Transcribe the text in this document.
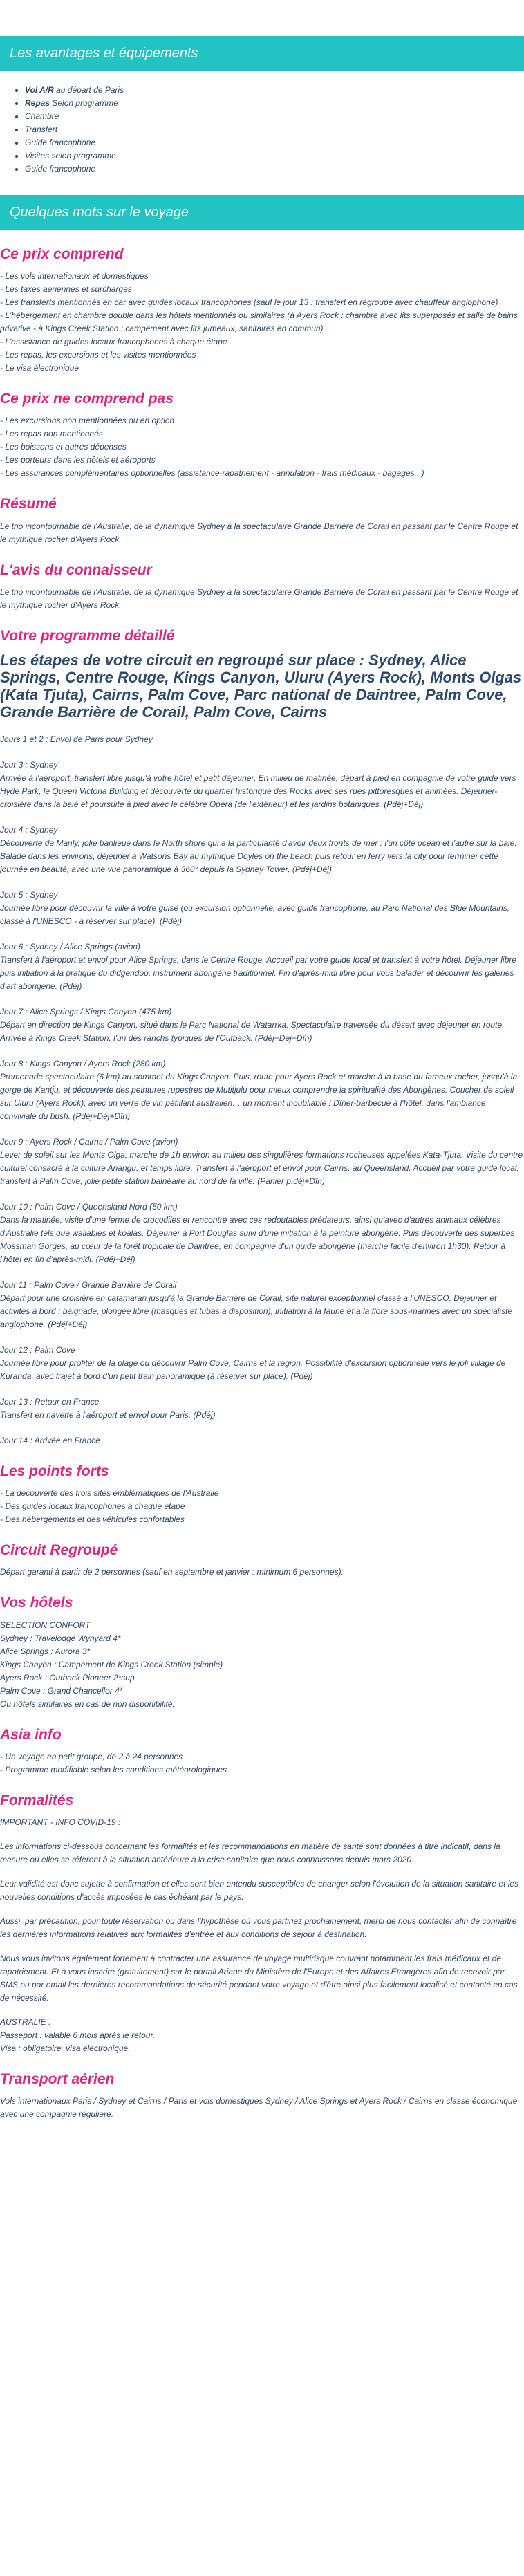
Les avantages et équipements
• Vol A/R au départ de Paris
• Repas Selon programme
• Chambre
• Transfert
• Guide francophone
• Visites selon programme
• Guide francophone
Quelques mots sur le voyage
Ce prix comprend

- Les vols internationaux et domestiques

- Les taxes aériennes et surcharges

- Les transferts mentionnés en car avec guides locaux francophones (sauf le jour 13 : transfert en regroupé avec chauffeur anglophone)

- L'hébergement en chambre double dans les hôtels mentionnés ou similaires (à Ayers Rock : chambre avec lits superposés et salle de bains privative - à Kings Creek Station : campement avec lits jumeaux, sanitaires en commun)

- L'assistance de guides locaux francophones à chaque étape

- Les repas, les excursions et les visites mentionnées

- Le visa électronique

Ce prix ne comprend pas

- Les excursions non mentionnées ou en option

- Les repas non mentionnés

- Les boissons et autres dépenses

- Les porteurs dans les hôtels et aéroports

- Les assurances complémentaires optionnelles (assistance-rapatriement - annulation - frais médicaux - bagages...)

Résumé

Le trio incontournable de l'Australie, de la dynamique Sydney à la spectaculaire Grande Barrière de Corail en passant par le Centre Rouge et le mythique rocher d'Ayers Rock.

L'avis du connaisseur

Le trio incontournable de l'Australie, de la dynamique Sydney à la spectaculaire Grande Barrière de Corail en passant par le Centre Rouge et le mythique rocher d'Ayers Rock.

Votre programme détaillé
Les étapes de votre circuit en regroupé sur place : Sydney, Alice Springs, Centre Rouge, Kings Canyon, Uluru (Ayers Rock), Monts Olgas (Kata Tjuta), Cairns, Palm Cove, Parc national de Daintree, Palm Cove, Grande Barrière de Corail, Palm Cove, Cairns

Jours 1 et 2 : Envol de Paris pour Sydney

Jour 3 : Sydney

Arrivée à l'aéroport, transfert libre jusqu'à votre hôtel et petit déjeuner. En milieu de matinée, départ à pied en compagnie de votre guide vers Hyde Park, le Queen Victoria Building et découverte du quartier historique des Rocks avec ses rues pittoresques et animées. Déjeuner-croisière dans la baie et poursuite à pied avec le célèbre Opéra (de l'extérieur) et les jardins botaniques. (Pdéj+Déj)

Jour 4 : Sydney

Découverte de Manly, jolie banlieue dans le North shore qui a la particularité d'avoir deux fronts de mer : l'un côté océan et l'autre sur la baie. Balade dans les environs, déjeuner à Watsons Bay au mythique Doyles on the beach puis retour en ferry vers la city pour terminer cette journée en beauté, avec une vue panoramique à 360° depuis la Sydney Tower. (Pdéj+Déj)

Jour 5 : Sydney

Journée libre pour découvrir la ville à votre guise (ou excursion optionnelle, avec guide francophone, au Parc National des Blue Mountains, classé à l'UNESCO - à réserver sur place). (Pdéj)

Jour 6 : Sydney / Alice Springs (avion)

Transfert à l'aéroport et envol pour Alice Springs, dans le Centre Rouge. Accueil par votre guide local et transfert à votre hôtel. Déjeuner libre puis initiation à la pratique du didgeridoo, instrument aborigène traditionnel. Fin d'après-midi libre pour vous balader et découvrir les galeries d'art aborigène. (Pdéj)

Jour 7 : Alice Springs / Kings Canyon (475 km)

Départ en direction de Kings Canyon, situé dans le Parc National de Watarrka. Spectaculaire traversée du désert avec déjeuner en route. Arrivée à Kings Creek Station, l'un des ranchs typiques de l'Outback. (Pdéj+Déj+Dîn)

Jour 8 : Kings Canyon / Ayers Rock (280 km)

Promenade spectaculaire (6 km) au sommet du Kings Canyon. Puis, route pour Ayers Rock et marche à la base du fameux rocher, jusqu'à la gorge de Kantju, et découverte des peintures rupestres de Mutitjulu pour mieux comprendre la spiritualité des Aborigènes. Coucher de soleil sur Uluru (Ayers Rock), avec un verre de vin pétillant australien… un moment inoubliable ! Dîner-barbecue à l'hôtel, dans l'ambiance conviviale du bush. (Pdéj+Déj+Dîn)

Jour 9 : Ayers Rock / Cairns / Palm Cove (avion)

Lever de soleil sur les Monts Olga, marche de 1h environ au milieu des singulières formations rocheuses appelées Kata-Tjuta. Visite du centre culturel consacré à la culture Anangu, et temps libre. Transfert à l'aéroport et envol pour Cairns, au Queensland. Accueil par votre guide local, transfert à Palm Cove, jolie petite station balnéaire au nord de la ville. (Panier p.déj+Dîn)

Jour 10 : Palm Cove / Queensland Nord (50 km)

Dans la matinée, visite d'une ferme de crocodiles et rencontre avec ces redoutables prédateurs, ainsi qu'avec d'autres animaux célèbres d'Australie tels que wallabies et koalas. Déjeuner à Port Douglas suivi d'une initiation à la peinture aborigène. Puis découverte des superbes Mossman Gorges, au cœur de la forêt tropicale de Daintree, en compagnie d'un guide aborigène (marche facile d'environ 1h30). Retour à l'hôtel en fin d'après-midi. (Pdéj+Déj)

Jour 11 : Palm Cove / Grande Barrière de Corail

Départ pour une croisière en catamaran jusqu'à la Grande Barrière de Corail, site naturel exceptionnel classé à l'UNESCO. Déjeuner et activités à bord : baignade, plongée libre (masques et tubas à disposition), initiation à la faune et à la flore sous-marines avec un spécialiste anglophone. (Pdéj+Déj)

Jour 12 : Palm Cove

Journée libre pour profiter de la plage ou découvrir Palm Cove, Cairns et la région. Possibilité d'excursion optionnelle vers le joli village de Kuranda, avec trajet à bord d'un petit train panoramique (à réserver sur place). (Pdéj)

Jour 13 : Retour en France

Transfert en navette à l'aéroport et envol pour Paris. (Pdéj)

Jour 14 : Arrivée en France

Les points forts

- La découverte des trois sites emblématiques de l'Australie

- Des guides locaux francophones à chaque étape

- Des hébergements et des véhicules confortables

Circuit Regroupé

Départ garanti à partir de 2 personnes (sauf en septembre et janvier : minimum 6 personnes).

Vos hôtels

SELECTION CONFORT

Sydney : Travelodge Wynyard 4*

Alice Springs : Aurora 3*

Kings Canyon : Campement de Kings Creek Station (simple)

Ayers Rock : Outback Pioneer 2*sup

Palm Cove : Grand Chancellor 4*

Ou hôtels similaires en cas de non disponibilité.

Asia info

- Un voyage en petit groupe, de 2 à 24 personnes

- Programme modifiable selon les conditions météorologiques

Formalités

IMPORTANT - INFO COVID-19 :

Les informations ci-dessous concernant les formalités et les recommandations en matière de santé sont données à titre indicatif, dans la mesure où elles se réfèrent à la situation antérieure à la crise sanitaire que nous connaissons depuis mars 2020.

Leur validité est donc sujette à confirmation et elles sont bien entendu susceptibles de changer selon l'évolution de la situation sanitaire et les nouvelles conditions d'accès imposées le cas échéant par le pays.

Aussi, par précaution, pour toute réservation ou dans l'hypothèse où vous partiriez prochainement, merci de nous contacter afin de connaître les dernières informations relatives aux formalités d'entrée et aux conditions de séjour à destination.

Nous vous invitons également fortement à contracter une assurance de voyage multirisque couvrant notamment les frais médicaux et de rapatriement. Et à vous inscrire (gratuitement) sur le portail Ariane du Ministère de l'Europe et des Affaires Etrangères afin de recevoir par SMS ou par email les dernières recommandations de sécurité pendant votre voyage et d'être ainsi plus facilement localisé et contacté en cas de nécessité.

AUSTRALIE :
Passeport : valable 6 mois après le retour.
Visa : obligatoire, visa électronique.

Transport aérien

Vols internationaux Paris / Sydney et Cairns / Paris et vols domestiques Sydney / Alice Springs et Ayers Rock / Cairns en classe économique avec une compagnie régulière.
